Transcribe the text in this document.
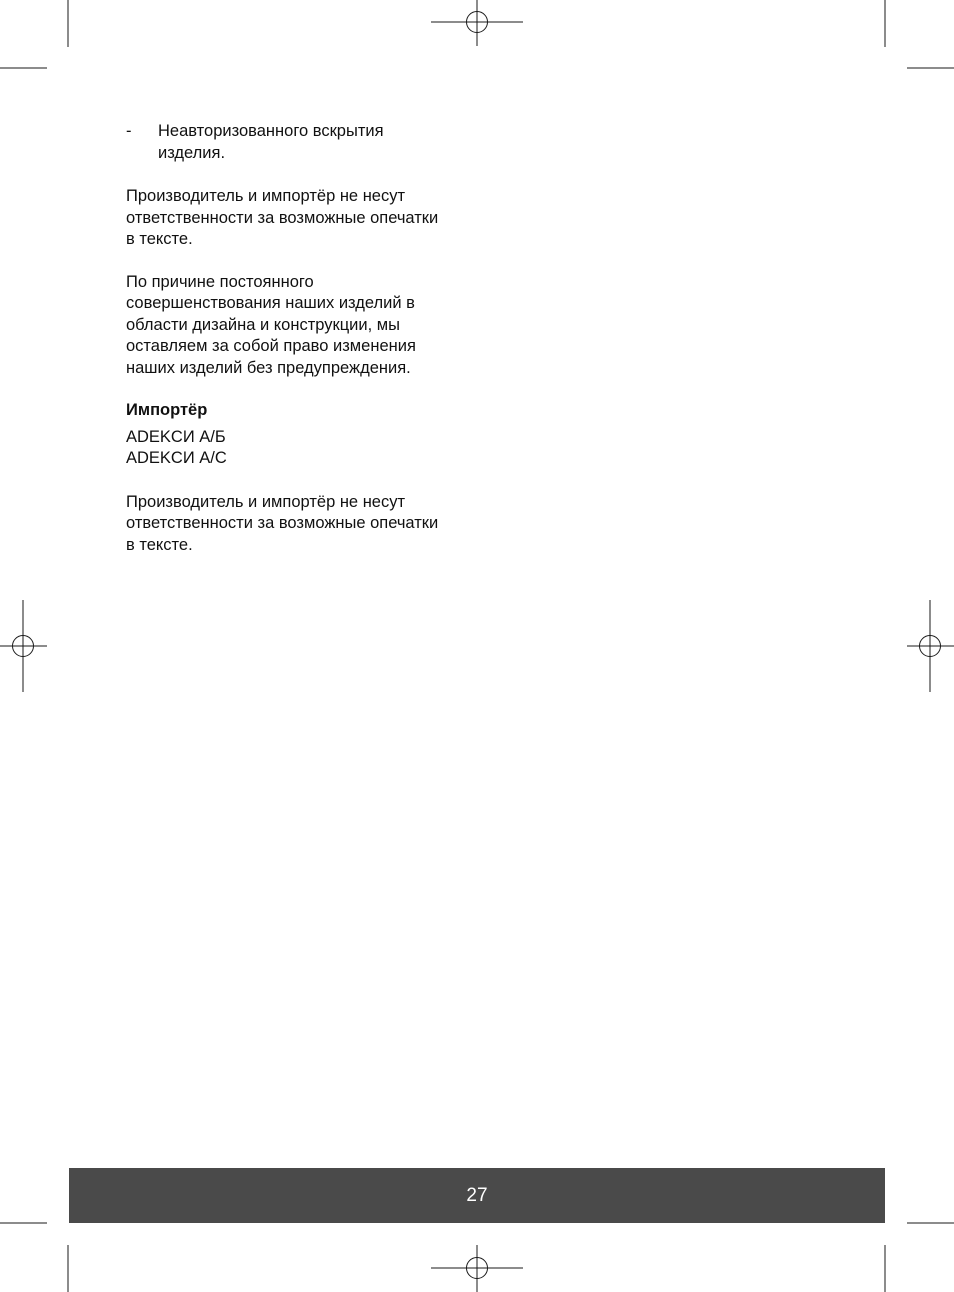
-	Неавторизованного вскрытия
изделия.

Производитель и импортёр не несут
ответственности за возможные опечатки
в тексте.

По причине постоянного
совершенствования наших изделий в
области дизайна и конструкции, мы
оставляем за собой право изменения
наших изделий без предупреждения.

Импортёр
ADEKCИ A/Б
ADEKCИ A/C

Производитель и импортёр не несут
ответственности за возможные опечатки
в тексте.

27
